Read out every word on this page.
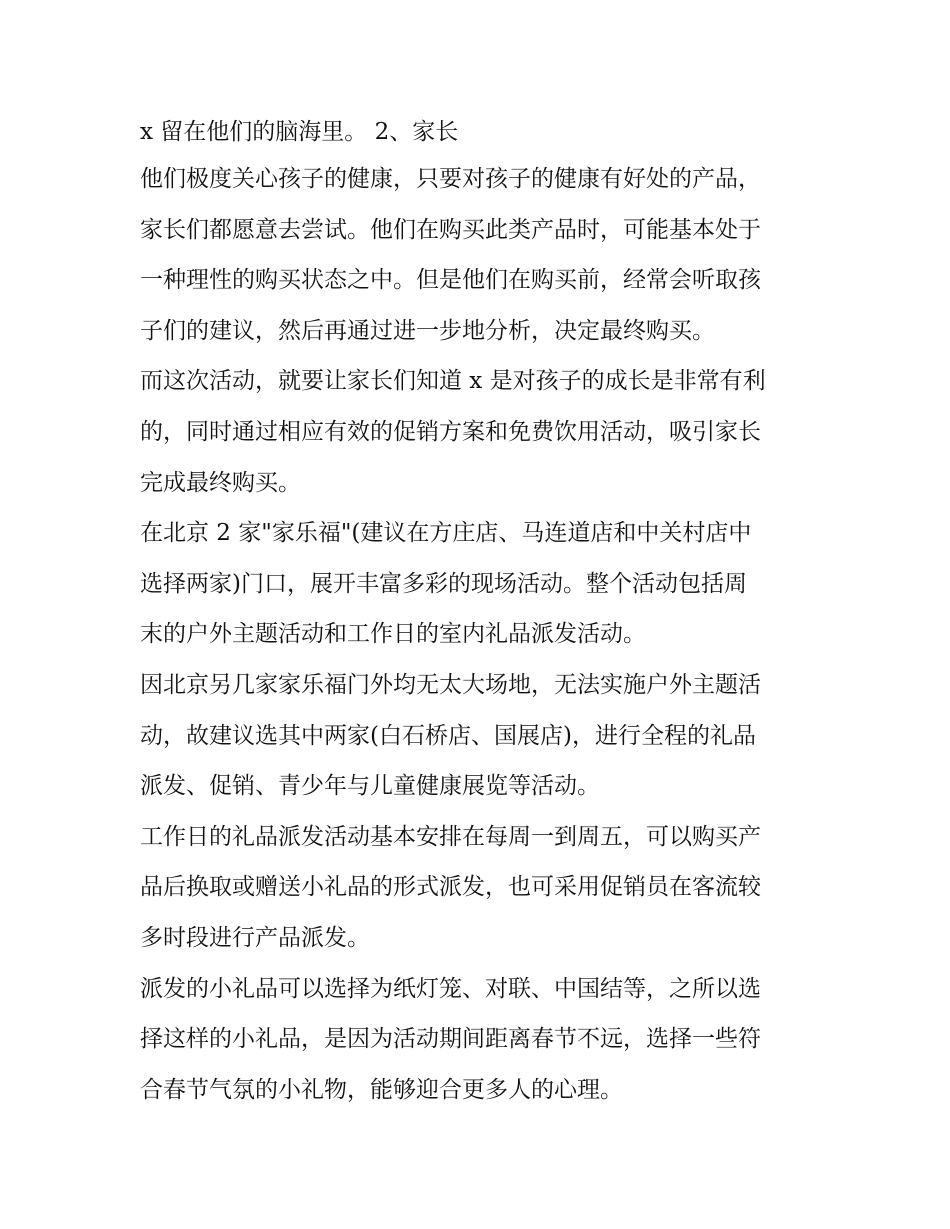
x 留在他们的脑海里。 2、家长
他们极度关心孩子的健康，只要对孩子的健康有好处的产品，
家长们都愿意去尝试。他们在购买此类产品时，可能基本处于
一种理性的购买状态之中。但是他们在购买前，经常会听取孩
子们的建议，然后再通过进一步地分析，决定最终购买。
而这次活动，就要让家长们知道 x 是对孩子的成长是非常有利
的，同时通过相应有效的促销方案和免费饮用活动，吸引家长
完成最终购买。
在北京 2 家"家乐福"(建议在方庄店、马连道店和中关村店中
选择两家)门口，展开丰富多彩的现场活动。整个活动包括周
末的户外主题活动和工作日的室内礼品派发活动。
因北京另几家家乐福门外均无太大场地，无法实施户外主题活
动，故建议选其中两家(白石桥店、国展店)，进行全程的礼品
派发、促销、青少年与儿童健康展览等活动。
工作日的礼品派发活动基本安排在每周一到周五，可以购买产
品后换取或赠送小礼品的形式派发，也可采用促销员在客流较
多时段进行产品派发。
派发的小礼品可以选择为纸灯笼、对联、中国结等，之所以选
择这样的小礼品，是因为活动期间距离春节不远，选择一些符
合春节气氛的小礼物，能够迎合更多人的心理。
